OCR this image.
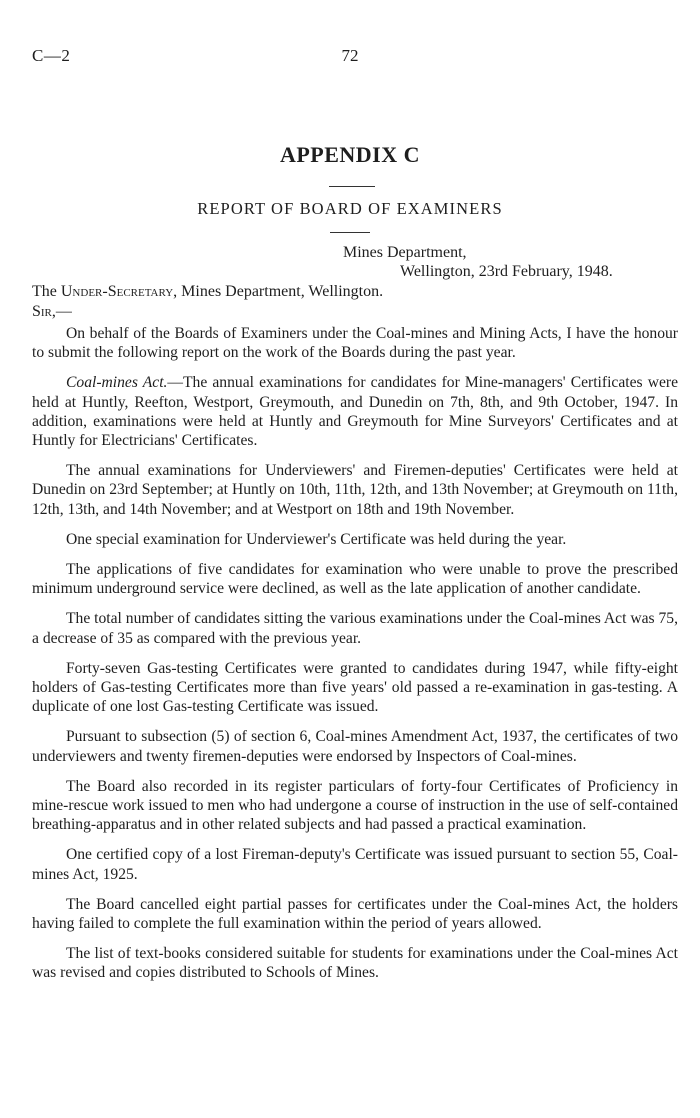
C—2	72
APPENDIX C
REPORT OF BOARD OF EXAMINERS
Mines Department,
Wellington, 23rd February, 1948.
The Under-Secretary, Mines Department, Wellington.
Sir,—

On behalf of the Boards of Examiners under the Coal-mines and Mining Acts, I have the honour to submit the following report on the work of the Boards during the past year.

Coal-mines Act.—The annual examinations for candidates for Mine-managers' Certificates were held at Huntly, Reefton, Westport, Greymouth, and Dunedin on 7th, 8th, and 9th October, 1947. In addition, examinations were held at Huntly and Greymouth for Mine Surveyors' Certificates and at Huntly for Electricians' Certificates.

The annual examinations for Underviewers' and Firemen-deputies' Certificates were held at Dunedin on 23rd September; at Huntly on 10th, 11th, 12th, and 13th November; at Greymouth on 11th, 12th, 13th, and 14th November; and at Westport on 18th and 19th November.

One special examination for Underviewer's Certificate was held during the year.

The applications of five candidates for examination who were unable to prove the prescribed minimum underground service were declined, as well as the late application of another candidate.

The total number of candidates sitting the various examinations under the Coal-mines Act was 75, a decrease of 35 as compared with the previous year.

Forty-seven Gas-testing Certificates were granted to candidates during 1947, while fifty-eight holders of Gas-testing Certificates more than five years' old passed a re-examination in gas-testing. A duplicate of one lost Gas-testing Certificate was issued.

Pursuant to subsection (5) of section 6, Coal-mines Amendment Act, 1937, the certificates of two underviewers and twenty firemen-deputies were endorsed by Inspectors of Coal-mines.

The Board also recorded in its register particulars of forty-four Certificates of Proficiency in mine-rescue work issued to men who had undergone a course of instruction in the use of self-contained breathing-apparatus and in other related subjects and had passed a practical examination.

One certified copy of a lost Fireman-deputy's Certificate was issued pursuant to section 55, Coal-mines Act, 1925.

The Board cancelled eight partial passes for certificates under the Coal-mines Act, the holders having failed to complete the full examination within the period of years allowed.

The list of text-books considered suitable for students for examinations under the Coal-mines Act was revised and copies distributed to Schools of Mines.
